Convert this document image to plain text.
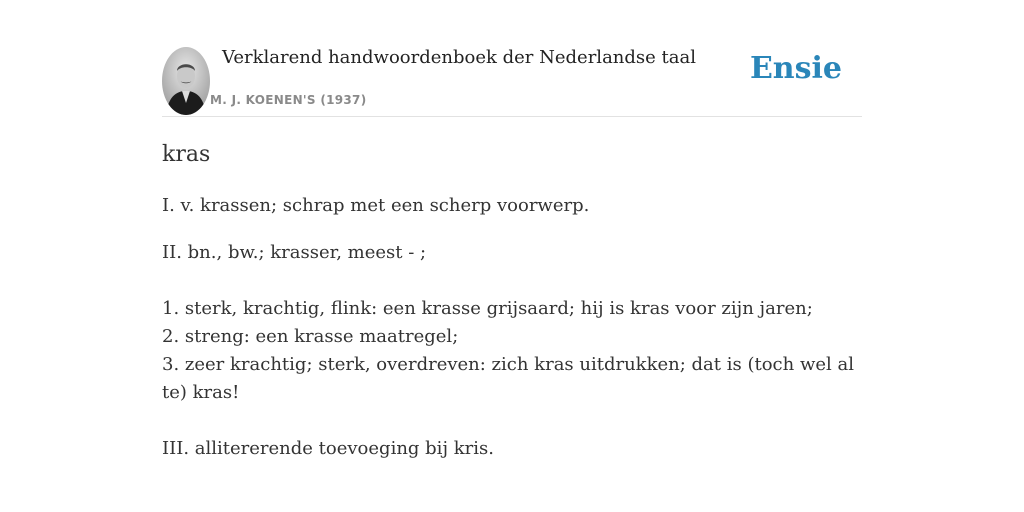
Verklarend handwoordenboek der Nederlandse taal
M. J. KOENEN'S (1937)
Ensie
kras

I. v. krassen; schrap met een scherp voorwerp.

II. bn., bw.; krasser, meest - ;

1. sterk, krachtig, flink: een krasse grijsaard; hij is kras voor zijn jaren;

2. streng: een krasse maatregel;

3. zeer krachtig; sterk, overdreven: zich kras uitdrukken; dat is (toch wel al te) kras!

III. allitererende toevoeging bij kris.
